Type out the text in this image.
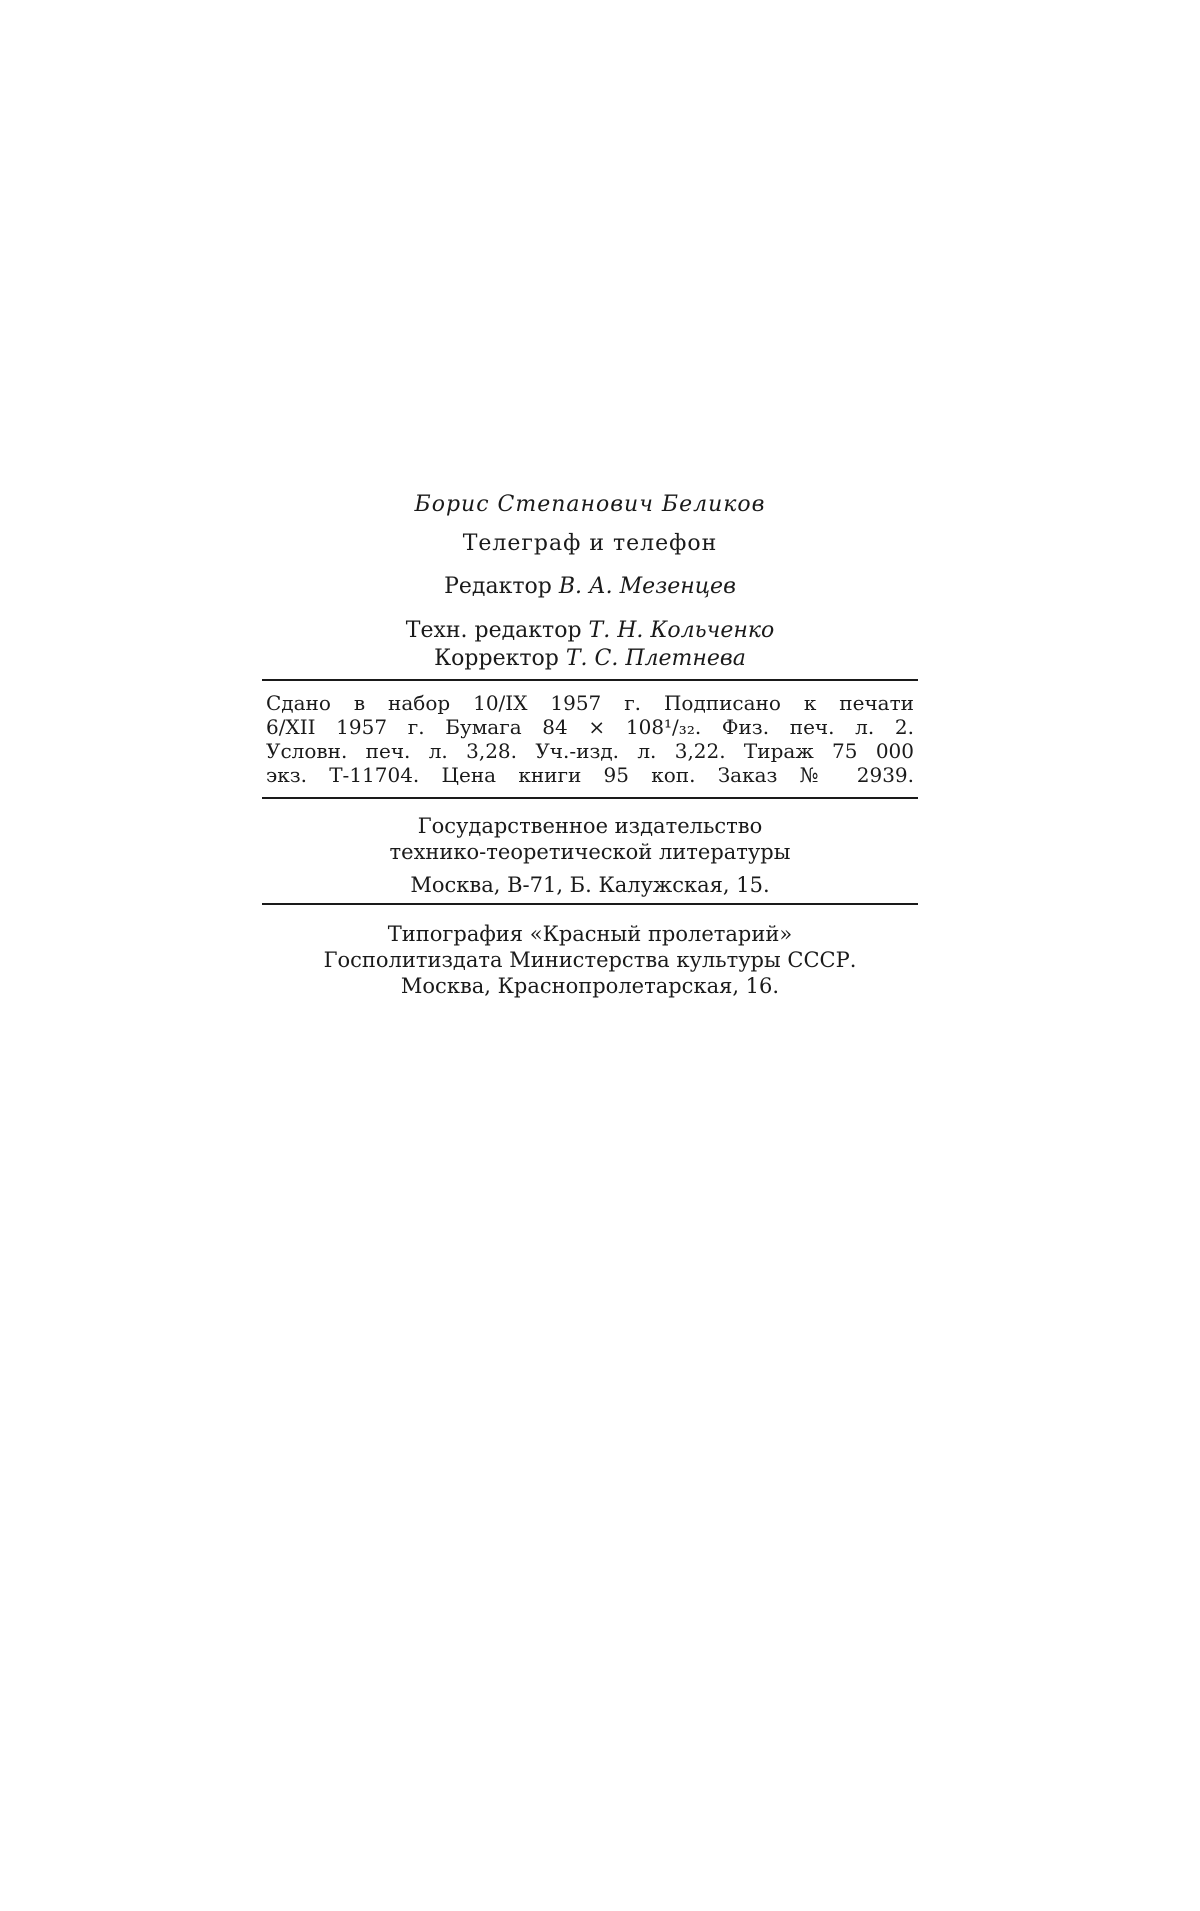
Борис Степанович Беликов
Телеграф и телефон
Редактор В. А. Мезенцев
Техн. редактор Т. Н. Кольченко
Корректор Т. С. Плетнева
Сдано в набор 10/IX 1957 г. Подписано к печати
6/XII 1957 г. Бумага 84 × 108¹/₃₂. Физ. печ. л. 2.
Условн. печ. л. 3,28. Уч.-изд. л. 3,22. Тираж 75 000
экз. Т-11704. Цена книги 95 коп. Заказ № 2939.
Государственное издательство
технико-теоретической литературы
Москва, В-71, Б. Калужская, 15.
Типография «Красный пролетарий»
Госполитиздата Министерства культуры СССР.
Москва, Краснопролетарская, 16.
